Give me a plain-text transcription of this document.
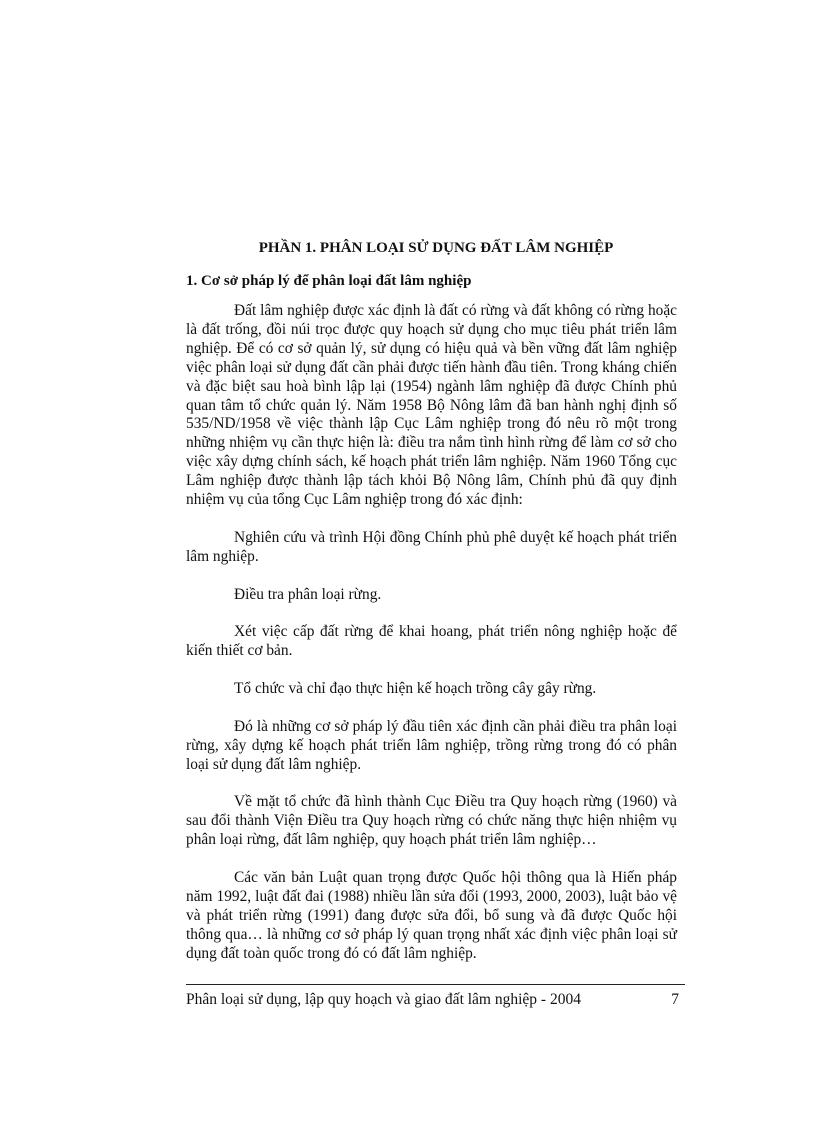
PHẦN 1. PHÂN LOẠI SỬ DỤNG ĐẤT LÂM NGHIỆP
1. Cơ sở pháp lý để phân loại đất lâm nghiệp

Đất lâm nghiệp được xác định là đất có rừng và đất không có rừng hoặc là đất trống, đồi núi trọc được quy hoạch sử dụng cho mục tiêu phát triển lâm nghiệp. Để có cơ sở quản lý, sử dụng có hiệu quả và bền vững đất lâm nghiệp việc phân loại sử dụng đất cần phải được tiến hành đầu tiên. Trong kháng chiến và đặc biệt sau hoà bình lập lại (1954) ngành lâm nghiệp đã được Chính phủ quan tâm tổ chức quản lý. Năm 1958 Bộ Nông lâm đã ban hành nghị định số 535/ND/1958 về việc thành lập Cục Lâm nghiệp trong đó nêu rõ một trong những nhiệm vụ cần thực hiện là: điều tra nắm tình hình rừng để làm cơ sở cho việc xây dựng chính sách, kế hoạch phát triển lâm nghiệp. Năm 1960 Tổng cục Lâm nghiệp được thành lập tách khỏi Bộ Nông lâm, Chính phủ đã quy định nhiệm vụ của tổng Cục Lâm nghiệp trong đó xác định:

Nghiên cứu và trình Hội đồng Chính phủ phê duyệt kế hoạch phát triển lâm nghiệp.

Điều tra phân loại rừng.

Xét việc cấp đất rừng để khai hoang, phát triển nông nghiệp hoặc để kiến thiết cơ bản.

Tổ chức và chỉ đạo thực hiện kế hoạch trồng cây gây rừng.

Đó là những cơ sở pháp lý đầu tiên xác định cần phải điều tra phân loại rừng, xây dựng kế hoạch phát triển lâm nghiệp, trồng rừng trong đó có phân loại sử dụng đất lâm nghiệp.

Về mặt tổ chức đã hình thành Cục Điều tra Quy hoạch rừng (1960) và sau đổi thành Viện Điều tra Quy hoạch rừng có chức năng thực hiện nhiệm vụ phân loại rừng, đất lâm nghiệp, quy hoạch phát triển lâm nghiệp…

Các văn bản Luật quan trọng được Quốc hội thông qua là Hiến pháp năm 1992, luật đất đai (1988) nhiều lần sửa đổi (1993, 2000, 2003), luật bảo vệ và phát triển rừng (1991) đang được sửa đổi, bổ sung và đã được Quốc hội thông qua… là những cơ sở pháp lý quan trọng nhất xác định việc phân loại sử dụng đất toàn quốc trong đó có đất lâm nghiệp.

Phân loại sử dụng, lập quy hoạch và giao đất lâm nghiệp - 2004	7
